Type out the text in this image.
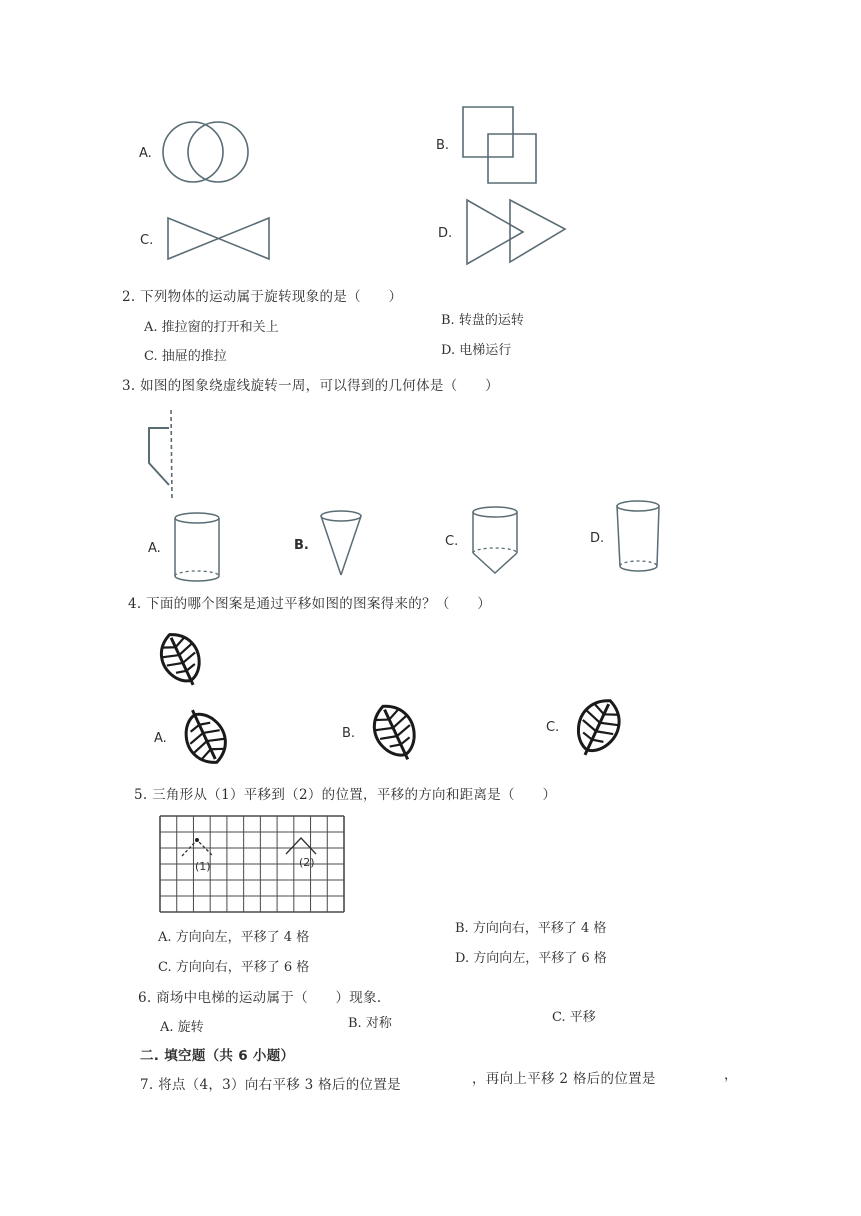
A.
B.
C.	D.
2. 下列物体的运动属于旋转现象的是（　　）
A. 推拉窗的打开和关上	B. 转盘的运转
C. 抽屉的推拉	D. 电梯运行
3. 如图的图象绕虚线旋转一周，可以得到的几何体是（　　）
A.	B.	C.	D.
4. 下面的哪个图案是通过平移如图的图案得来的？（　　）
A.	B.	C.
5. 三角形从（1）平移到（2）的位置，平移的方向和距离是（　　）
(1)	(2)
A. 方向向左，平移了 4 格
B. 方向向右，平移了 4 格
C. 方向向右，平移了 6 格
D. 方向向左，平移了 6 格
6. 商场中电梯的运动属于（　　）现象.
A. 旋转	B. 对称	C. 平移
二. 填空题（共 6 小题）
7. 将点（4，3）向右平移 3 格后的位置是	，再向上平移 2 格后的位置是	，
